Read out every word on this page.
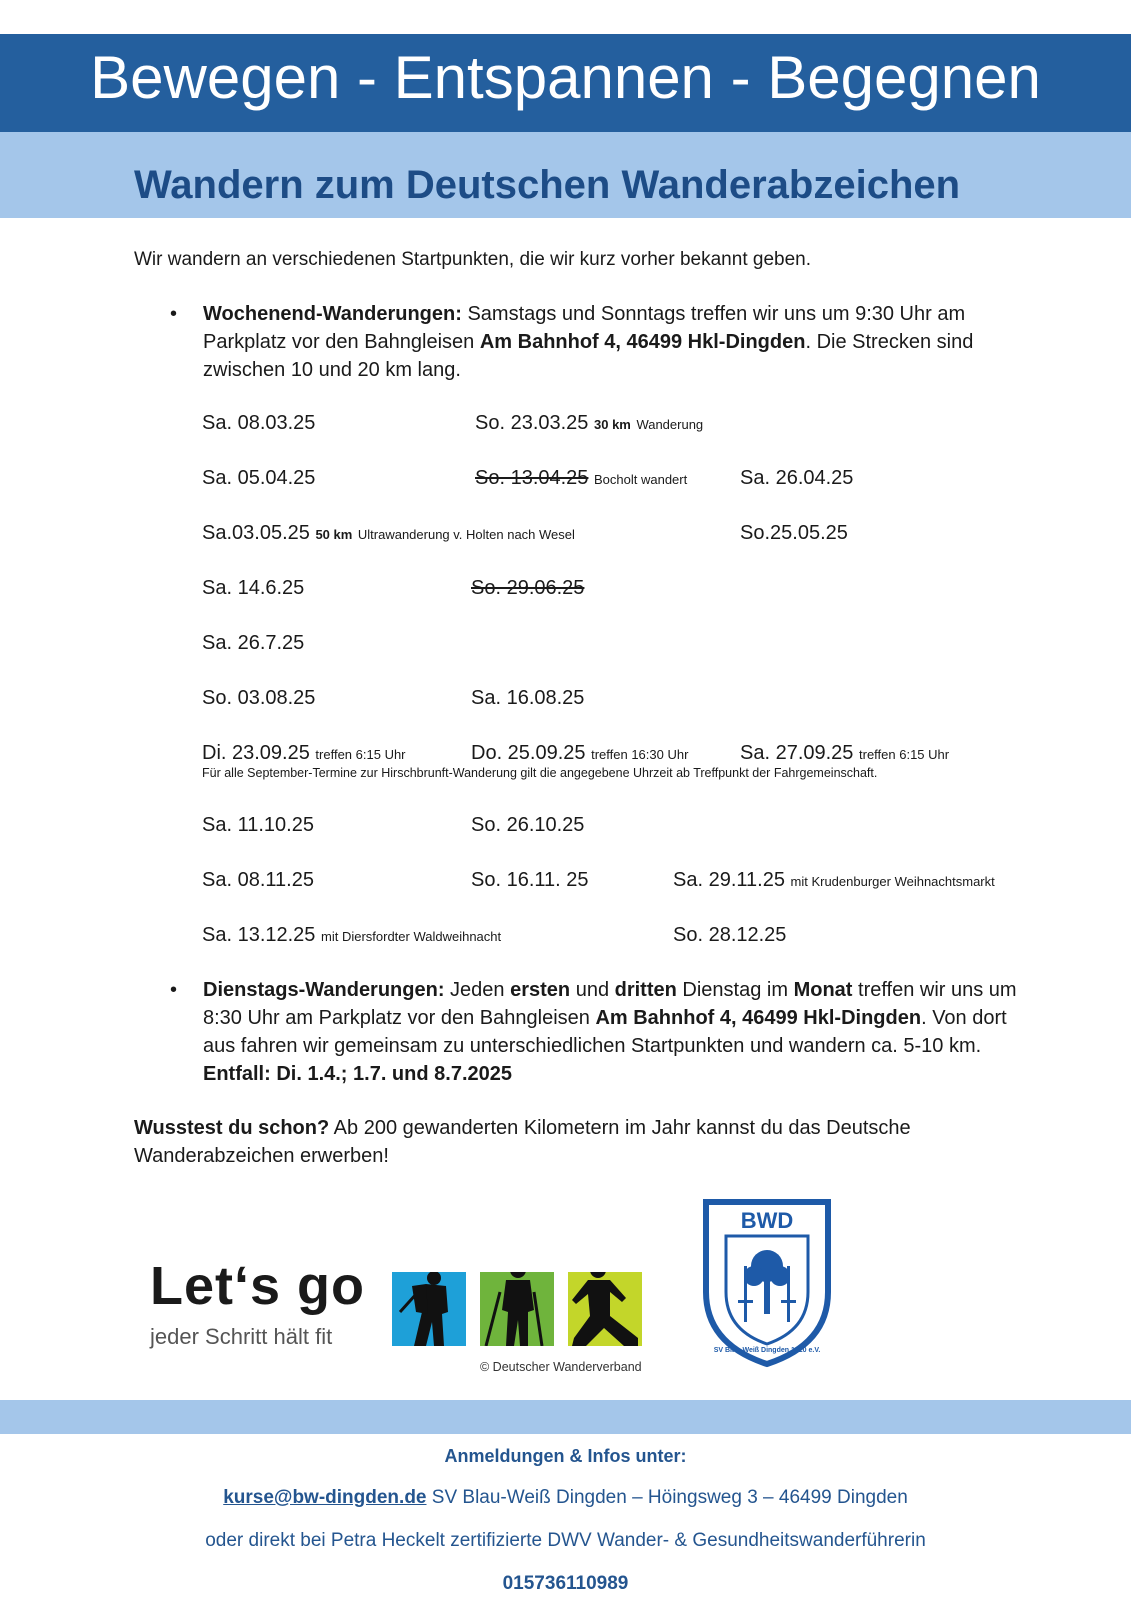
Bewegen - Entspannen - Begegnen
Wandern zum Deutschen Wanderabzeichen
Wir wandern an verschiedenen Startpunkten, die wir kurz vorher bekannt geben.
• Wochenend-Wanderungen: Samstags und Sonntags treffen wir uns um 9:30 Uhr am Parkplatz vor den Bahngleisen Am Bahnhof 4, 46499 Hkl-Dingden. Die Strecken sind zwischen 10 und 20 km lang.
Sa. 08.03.25	So. 23.03.25 30 km Wanderung
Sa. 05.04.25	So. 13.04.25 Bocholt wandert	Sa. 26.04.25
Sa.03.05.25 50 km Ultrawanderung v. Holten nach Wesel	So.25.05.25
Sa. 14.6.25	So. 29.06.25
Sa. 26.7.25
So. 03.08.25	Sa. 16.08.25
Di. 23.09.25 treffen 6:15 Uhr	Do. 25.09.25 treffen 16:30 Uhr	Sa. 27.09.25 treffen 6:15 Uhr
Für alle September-Termine zur Hirschbrunft-Wanderung gilt die angegebene Uhrzeit ab Treffpunkt der Fahrgemeinschaft.
Sa. 11.10.25	So. 26.10.25
Sa. 08.11.25	So. 16.11. 25	Sa. 29.11.25 mit Krudenburger Weihnachtsmarkt
Sa. 13.12.25 mit Diersfordter Waldweihnacht	So. 28.12.25
• Dienstags-Wanderungen: Jeden ersten und dritten Dienstag im Monat treffen wir uns um 8:30 Uhr am Parkplatz vor den Bahngleisen Am Bahnhof 4, 46499 Hkl-Dingden. Von dort aus fahren wir gemeinsam zu unterschiedlichen Startpunkten und wandern ca. 5-10 km.
Entfall: Di. 1.4.; 1.7. und 8.7.2025
Wusstest du schon? Ab 200 gewanderten Kilometern im Jahr kannst du das Deutsche Wanderabzeichen erwerben!
Let‘s go
jeder Schritt hält fit
© Deutscher Wanderverband
BWD
SV Blau-Weiß Dingden 1920 e.V.
Anmeldungen & Infos unter:
kurse@bw-dingden.de SV Blau-Weiß Dingden – Höingsweg 3 – 46499 Dingden
oder direkt bei Petra Heckelt zertifizierte DWV Wander- & Gesundheitswanderführerin
015736110989
